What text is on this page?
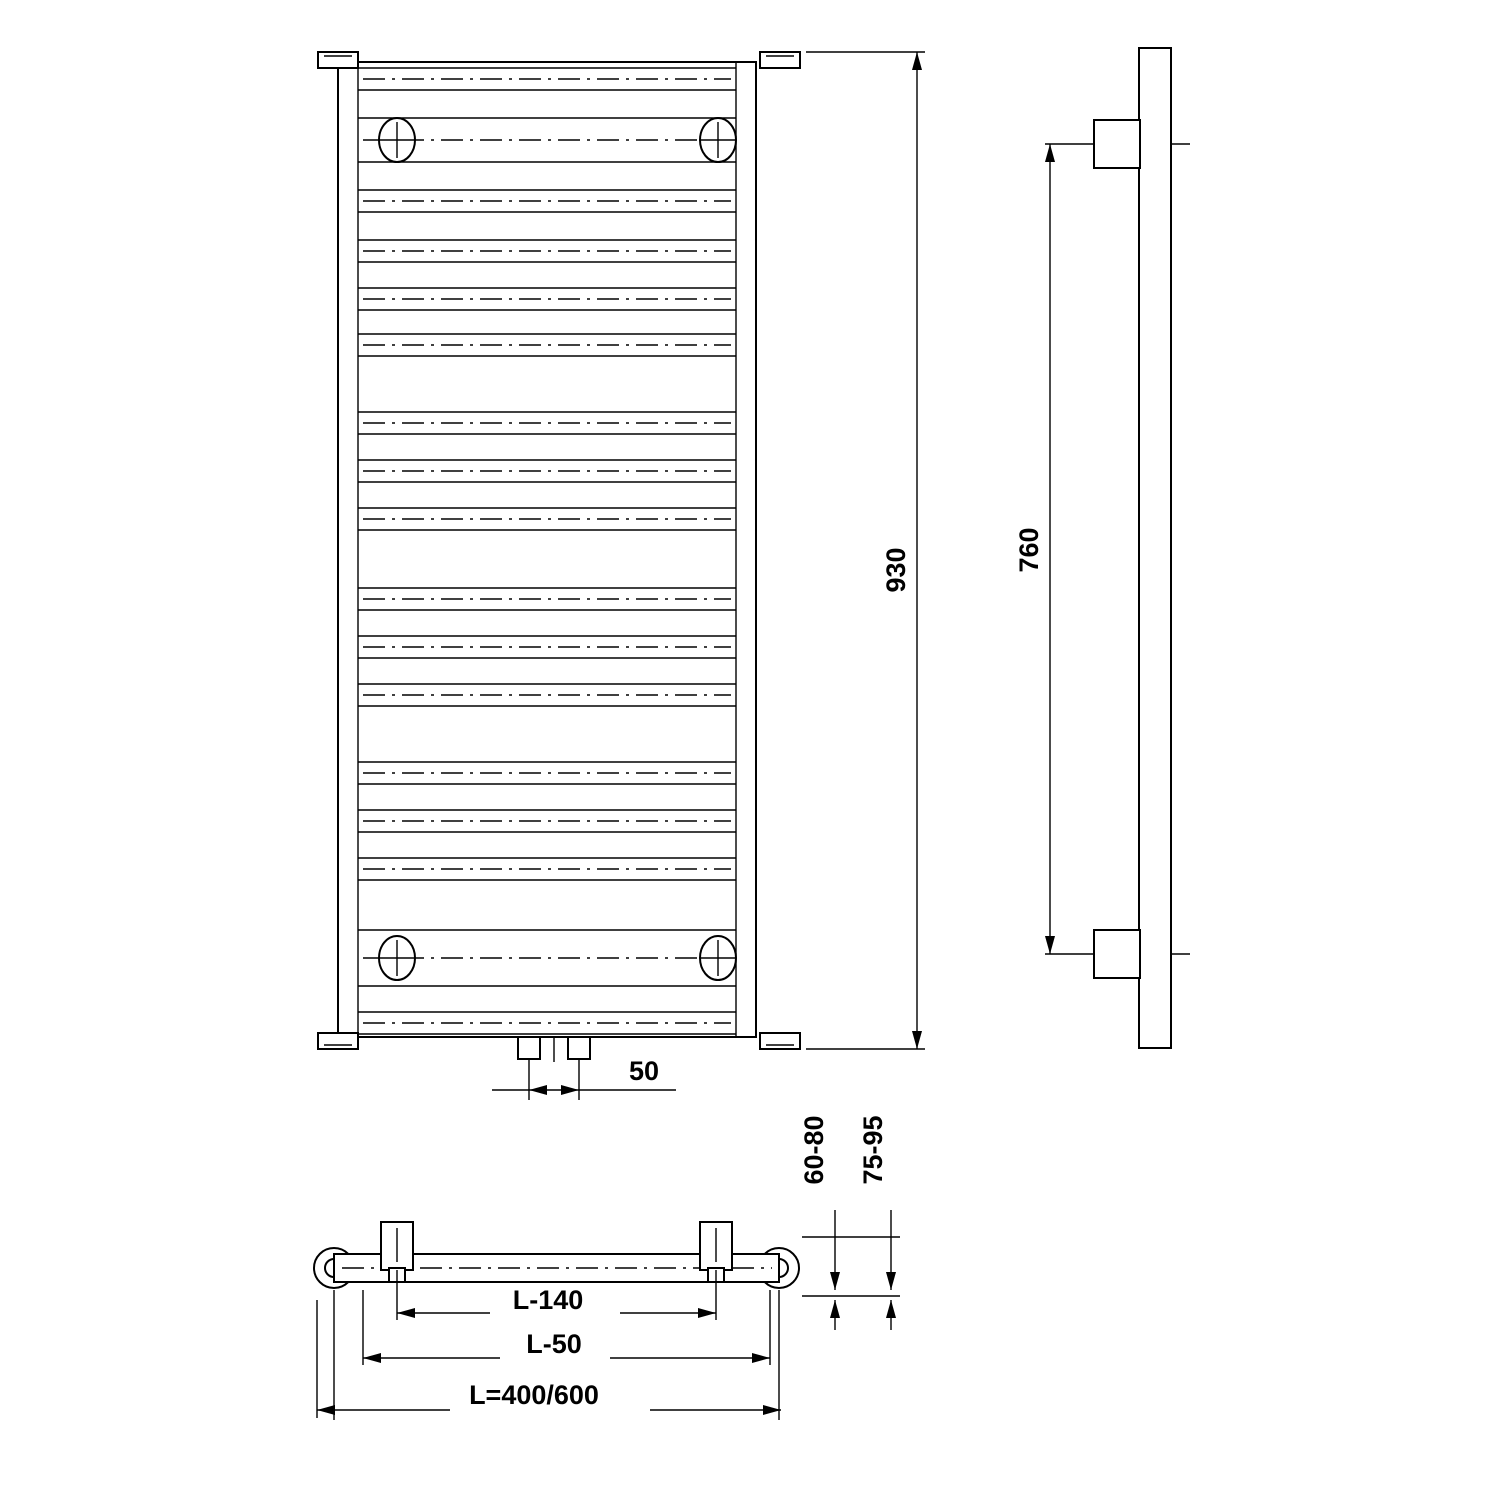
930	760
50
60-80 75-95
L-140
L-50
L=400/600
